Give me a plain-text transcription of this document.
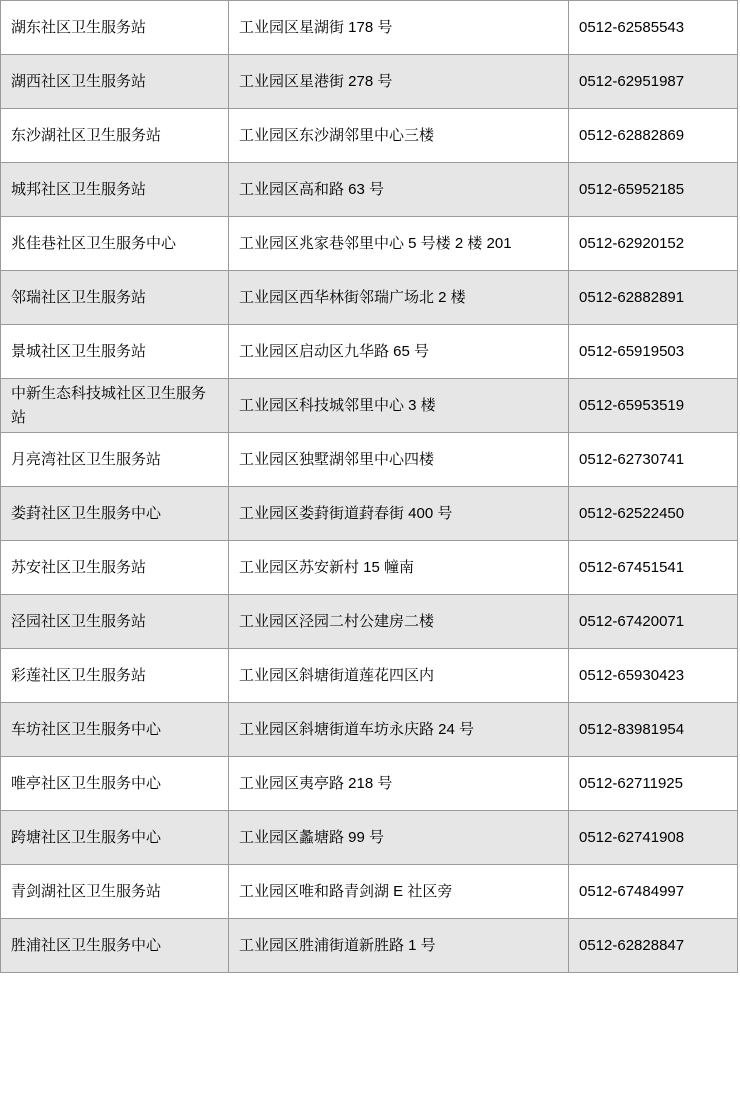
湖东社区卫生服务站	工业园区星湖街 178 号	0512-62585543
湖西社区卫生服务站	工业园区星港街 278 号	0512-62951987
东沙湖社区卫生服务站	工业园区东沙湖邻里中心三楼	0512-62882869
城邦社区卫生服务站	工业园区高和路 63 号	0512-65952185
兆佳巷社区卫生服务中心	工业园区兆家巷邻里中心 5 号楼 2 楼 201	0512-62920152
邻瑞社区卫生服务站	工业园区西华林街邻瑞广场北 2 楼	0512-62882891
景城社区卫生服务站	工业园区启动区九华路 65 号	0512-65919503
中新生态科技城社区卫生服务站	工业园区科技城邻里中心 3 楼	0512-65953519
月亮湾社区卫生服务站	工业园区独墅湖邻里中心四楼	0512-62730741
娄葑社区卫生服务中心	工业园区娄葑街道葑春街 400 号	0512-62522450
苏安社区卫生服务站	工业园区苏安新村 15 幢南	0512-67451541
泾园社区卫生服务站	工业园区泾园二村公建房二楼	0512-67420071
彩莲社区卫生服务站	工业园区斜塘街道莲花四区内	0512-65930423
车坊社区卫生服务中心	工业园区斜塘街道车坊永庆路 24 号	0512-83981954
唯亭社区卫生服务中心	工业园区夷亭路 218 号	0512-62711925
跨塘社区卫生服务中心	工业园区蠡塘路 99 号	0512-62741908
青剑湖社区卫生服务站	工业园区唯和路青剑湖 E 社区旁	0512-67484997
胜浦社区卫生服务中心	工业园区胜浦街道新胜路 1 号	0512-62828847
